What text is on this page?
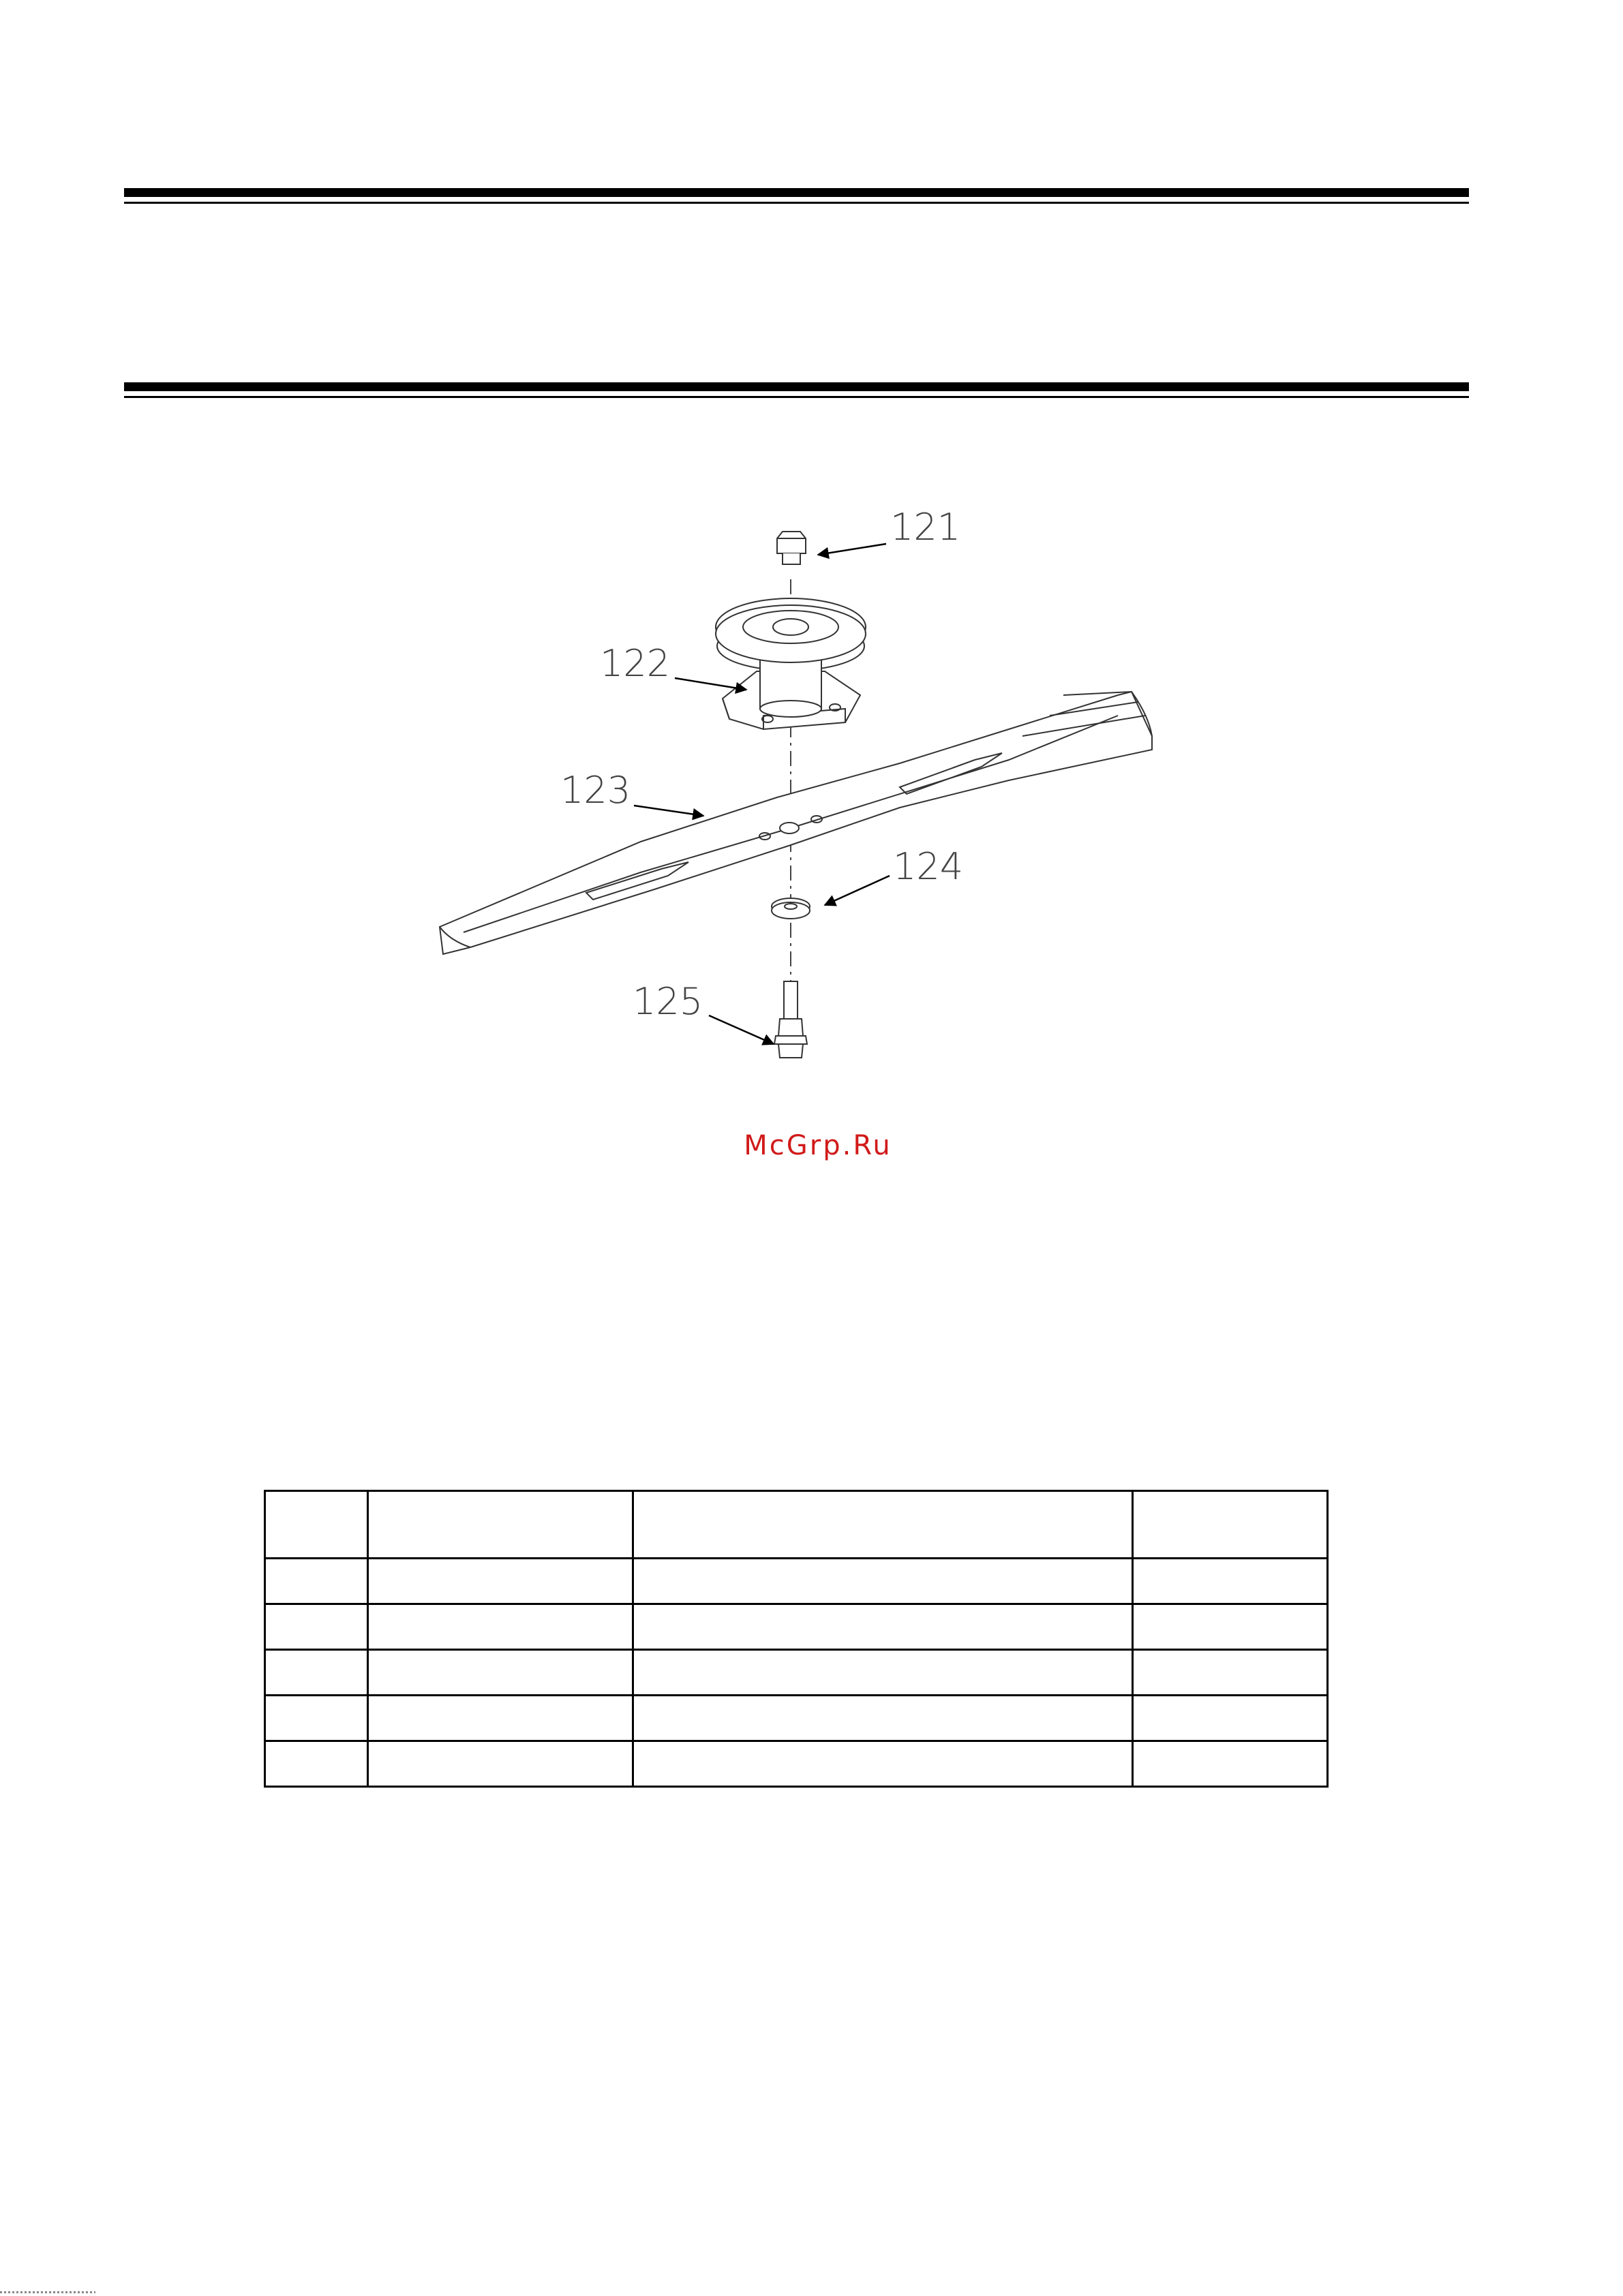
121
122
123
124
125
McGrp.Ru
